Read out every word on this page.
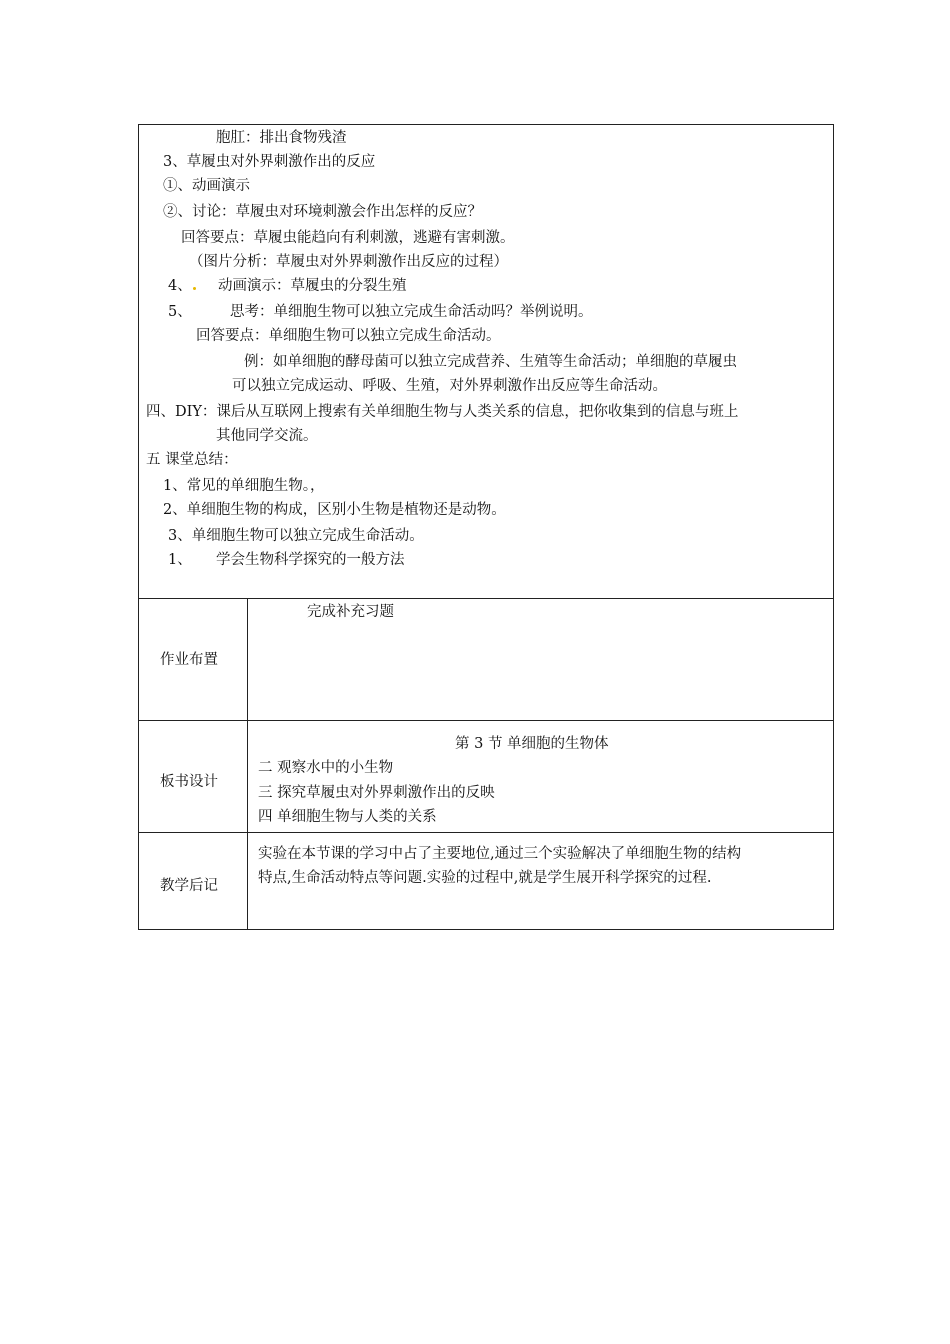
胞肛：排出食物残渣
3、草履虫对外界刺激作出的反应
①、动画演示
②、讨论：草履虫对环境刺激会作出怎样的反应？
回答要点：草履虫能趋向有利刺激，逃避有害刺激。
（图片分析：草履虫对外界刺激作出反应的过程）
4、	动画演示：草履虫的分裂生殖
5、	思考：单细胞生物可以独立完成生命活动吗？举例说明。
回答要点：单细胞生物可以独立完成生命活动。
例：如单细胞的酵母菌可以独立完成营养、生殖等生命活动；单细胞的草履虫
可以独立完成运动、呼吸、生殖，对外界刺激作出反应等生命活动。
四、DIY：课后从互联网上搜索有关单细胞生物与人类关系的信息，把你收集到的信息与班上
其他同学交流。
五 课堂总结：
1、常见的单细胞生物。，
2、单细胞生物的构成，区别小生物是植物还是动物。
3、单细胞生物可以独立完成生命活动。
1、 学会生物科学探究的一般方法
作业布置
完成补充习题
板书设计
第 3 节 单细胞的生物体
二 观察水中的小生物
三 探究草履虫对外界刺激作出的反映
四 单细胞生物与人类的关系
教学后记
实验在本节课的学习中占了主要地位,通过三个实验解决了单细胞生物的结构
特点,生命活动特点等问题.实验的过程中,就是学生展开科学探究的过程.
